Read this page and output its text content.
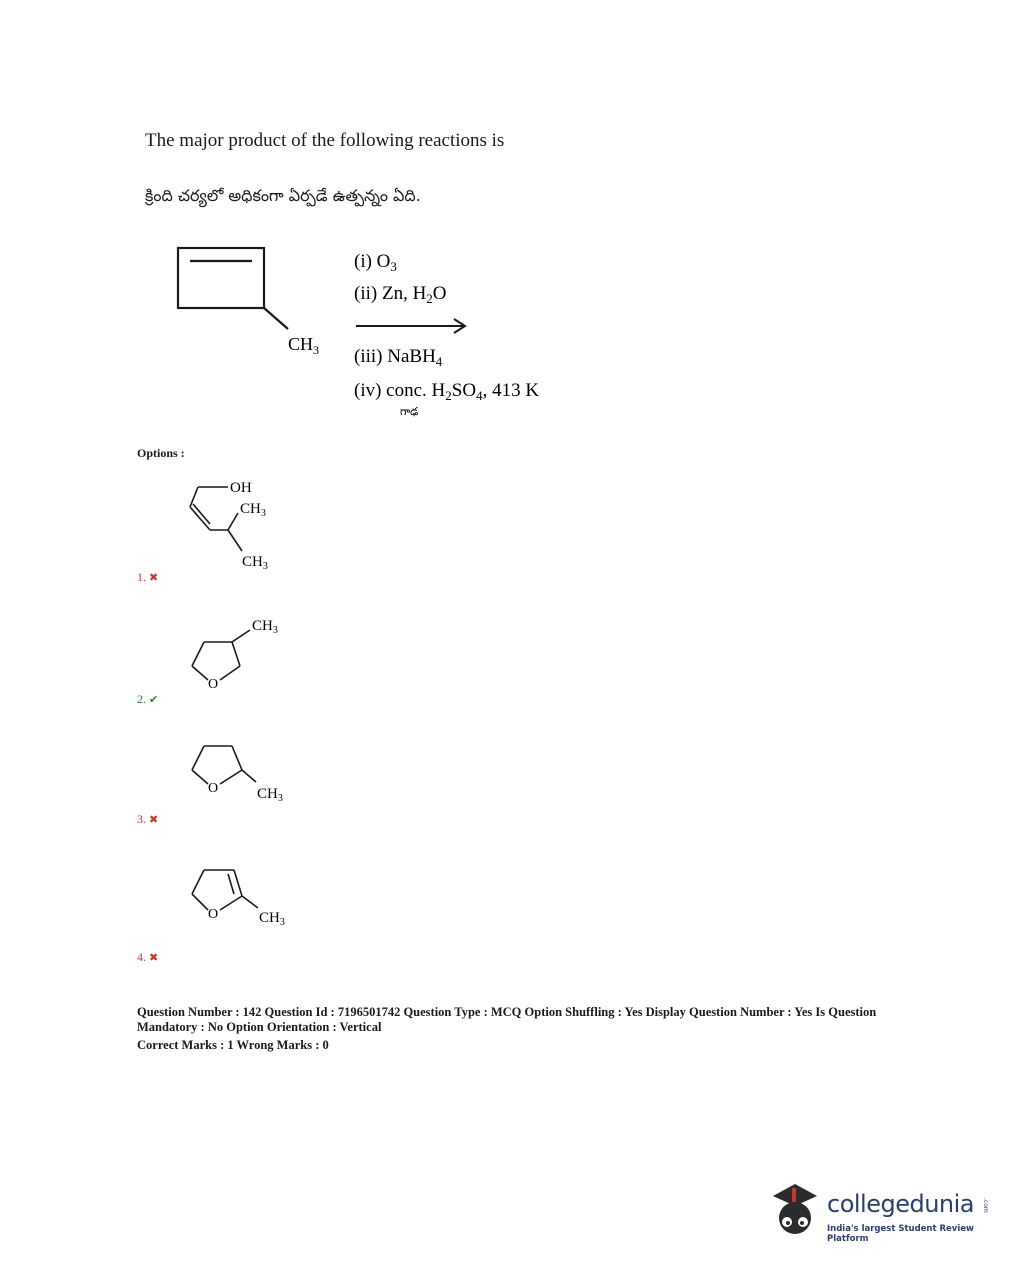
The major product of the following reactions is
క్రింది చర్యలో అధికంగా ఏర్పడే ఉత్పన్నం ఏది.
$CH_3$
(i) $O_3$
(ii) Zn, $H_2O$
(iii) NaBH$_4$
(iv) conc. $H_2SO_4$, 413 K
గాఢ
Options :
OH
$CH_3$
$CH_3$
1. ✖
O
$CH_3$
2. ✔
O	$CH_3$
3. ✖
O	$CH_3$
4. ✖
Question Number : 142 Question Id : 7196501742 Question Type : MCQ Option Shuffling : Yes Display Question Number : Yes Is Question Mandatory : No Option Orientation : Vertical
Correct Marks : 1 Wrong Marks : 0
collegedunia .com
India's largest Student Review Platform
